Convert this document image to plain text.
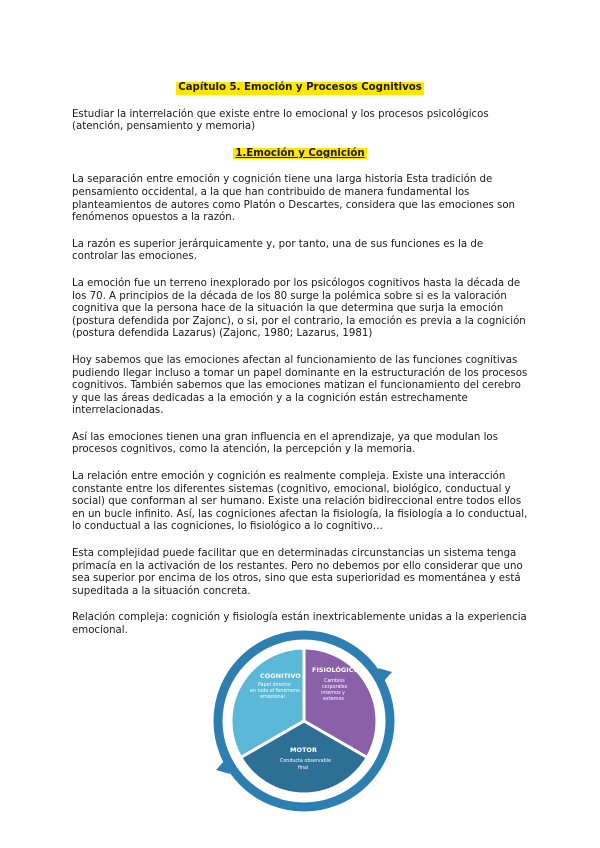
Capítulo 5. Emoción y Procesos Cognitivos

Estudiar la interrelación que existe entre lo emocional y los procesos psicológicos (atención, pensamiento y memoria)

1.Emoción y Cognición

La separación entre emoción y cognición tiene una larga historia Esta tradición de pensamiento occidental, a la que han contribuido de manera fundamental los planteamientos de autores como Platón o Descartes, considera que las emociones son fenómenos opuestos a la razón.

La razón es superior jerárquicamente y, por tanto, una de sus funciones es la de controlar las emociones.

La emoción fue un terreno inexplorado por los psicólogos cognitivos hasta la década de los 70. A principios de la década de los 80 surge la polémica sobre si es la valoración cognitiva que la persona hace de la situación la que determina que surja la emoción (postura defendida por Zajonc), o si, por el contrario, la emoción es previa a la cognición (postura defendida Lazarus) (Zajonc, 1980; Lazarus, 1981)

Hoy sabemos que las emociones afectan al funcionamiento de las funciones cognitivas pudiendo llegar incluso a tomar un papel dominante en la estructuración de los procesos cognitivos. También sabemos que las emociones matizan el funcionamiento del cerebro y que las áreas dedicadas a la emoción y a la cognición están estrechamente interrelacionadas.

Así las emociones tienen una gran influencia en el aprendizaje, ya que modulan los procesos cognitivos, como la atención, la percepción y la memoria.

La relación entre emoción y cognición es realmente compleja. Existe una interacción constante entre los diferentes sistemas (cognitivo, emocional, biológico, conductual y social) que conforman al ser humano. Existe una relación bidireccional entre todos ellos en un bucle infinito. Así, las cogniciones afectan la fisiología, la fisiología a lo conductual, lo conductual a las cogniciones, lo fisiológico a lo cognitivo…

Esta complejidad puede facilitar que en determinadas circunstancias un sistema tenga primacía en la activación de los restantes. Pero no debemos por ello considerar que uno sea superior por encima de los otros, sino que esta superioridad es momentánea y está supeditada a la situación concreta.

Relación compleja: cognición y fisiología están inextricablemente unidas a la experiencia emocional.

COGNITIVO
Papel director
en todo el fenómeno
emocional
FISIOLÓGICO
Cambios
corporales
internos y
externos
MOTOR
Conducta observable
final
